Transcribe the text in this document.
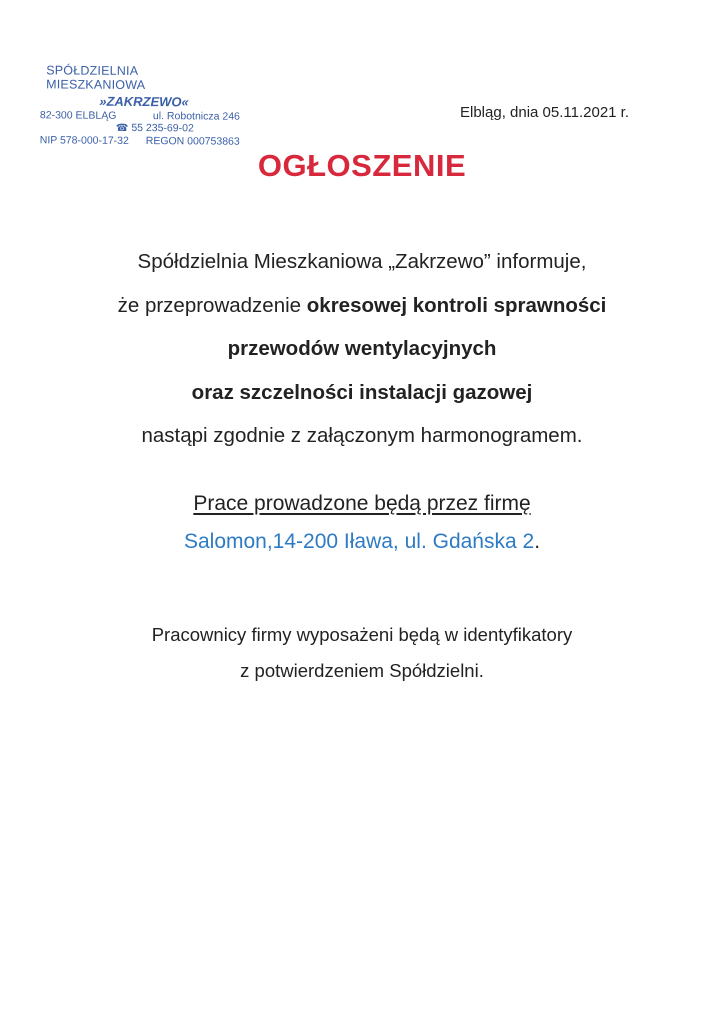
SPÓŁDZIELNIA MIESZKANIOWA
»ZAKRZEWO«
82-300 ELBLĄG	ul. Robotnicza 246
☎ 55 235-69-02
NIP 578-000-17-32 REGON 000753863
Elbląg, dnia 05.11.2021 r.
OGŁOSZENIE
Spółdzielnia Mieszkaniowa „Zakrzewo” informuje,
że przeprowadzenie okresowej kontroli sprawności
przewodów wentylacyjnych
oraz szczelności instalacji gazowej
nastąpi zgodnie z załączonym harmonogramem.
Prace prowadzone będą przez firmę
Salomon,14-200 Iława, ul. Gdańska 2.
Pracownicy firmy wyposażeni będą w identyfikatory
z potwierdzeniem Spółdzielni.
